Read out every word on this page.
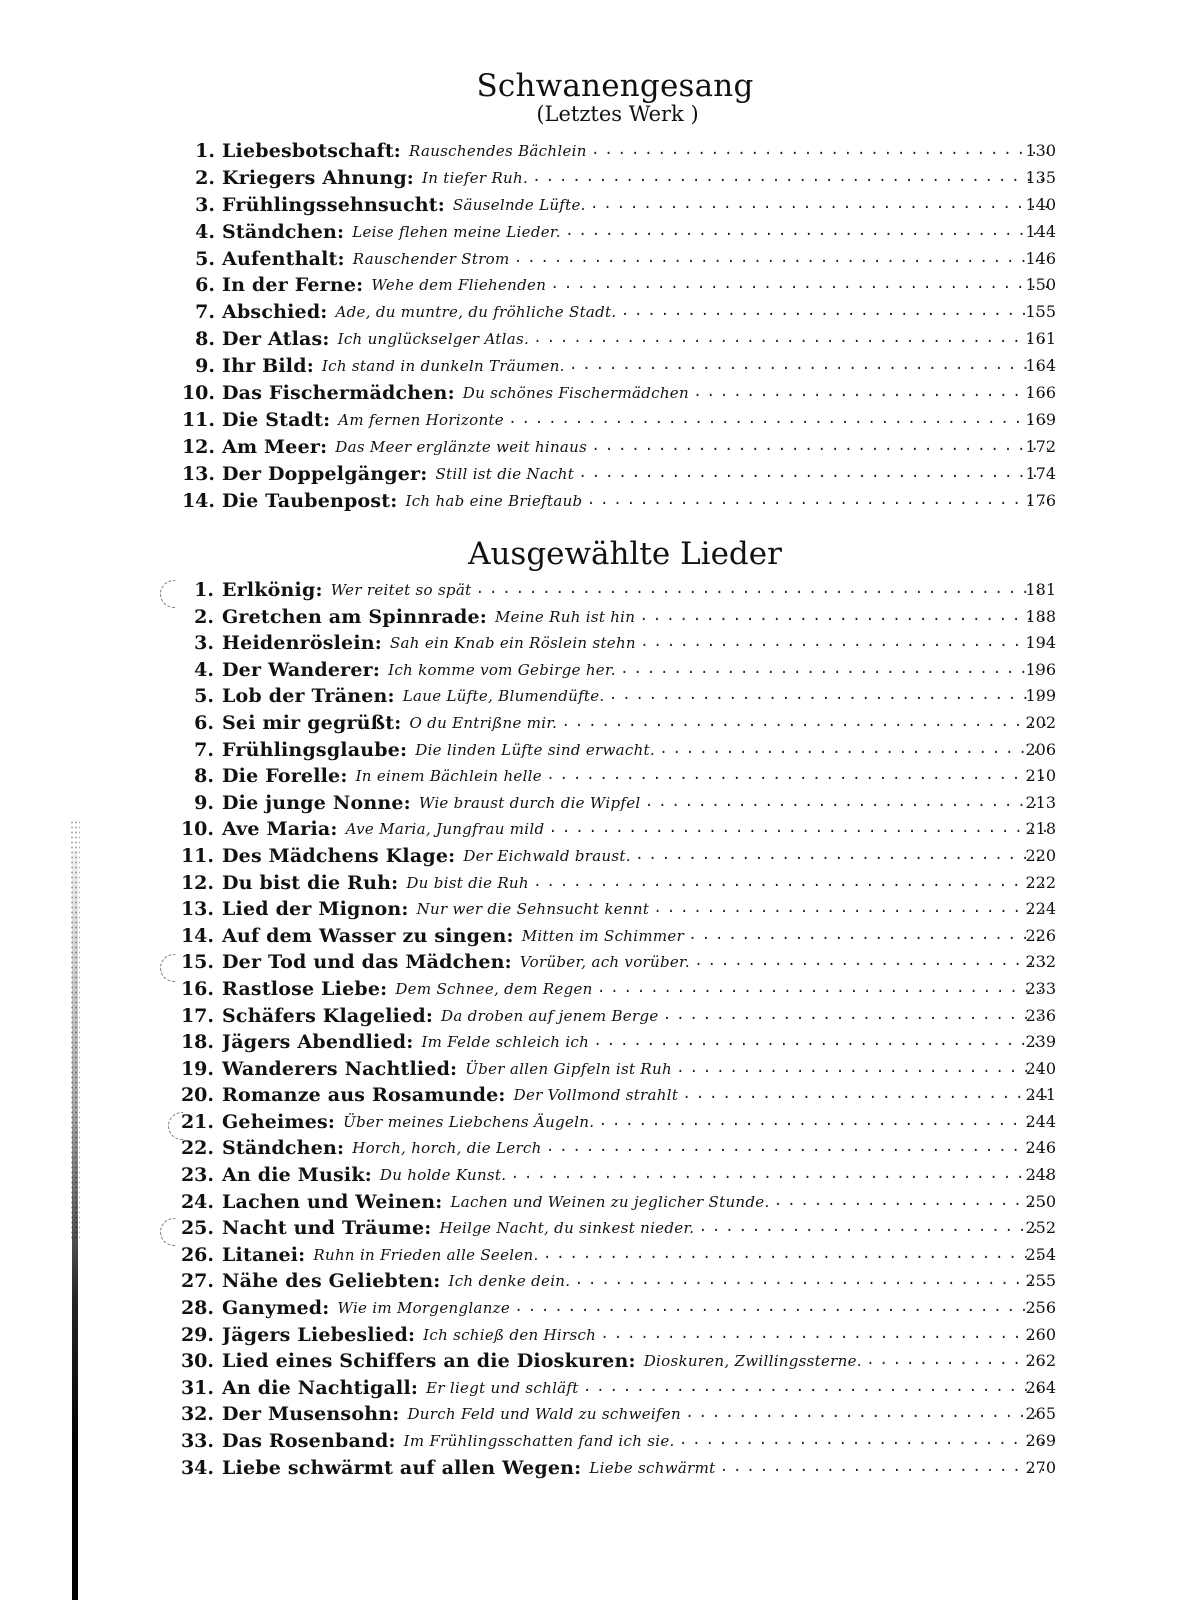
Schwanengesang
(Letztes Werk )
1. Liebesbotschaft: Rauschendes Bächlein .....	130
2. Kriegers Ahnung: In tiefer Ruh. .....	135
3. Frühlingssehnsucht: Säuselnde Lüfte. .....	140
4. Ständchen: Leise flehen meine Lieder. .....	144
5. Aufenthalt: Rauschender Strom .....	146
6. In der Ferne: Wehe dem Fliehenden .....	150
7. Abschied: Ade, du muntre, du fröhliche Stadt. .....	155
8. Der Atlas: Ich unglückselger Atlas. .....	161
9. Ihr Bild: Ich stand in dunkeln Träumen. .....	164
10. Das Fischermädchen: Du schönes Fischermädchen .....	166
11. Die Stadt: Am fernen Horizonte .....	169
12. Am Meer: Das Meer erglänzte weit hinaus .....	172
13. Der Doppelgänger: Still ist die Nacht .....	174
14. Die Taubenpost: Ich hab eine Brieftaub .....	176
Ausgewählte Lieder
1. Erlkönig: Wer reitet so spät .....	181
2. Gretchen am Spinnrade: Meine Ruh ist hin .....	188
3. Heidenröslein: Sah ein Knab ein Röslein stehn .....	194
4. Der Wanderer: Ich komme vom Gebirge her. .....	196
5. Lob der Tränen: Laue Lüfte, Blumendüfte. .....	199
6. Sei mir gegrüßt: O du Entrißne mir. .....	202
7. Frühlingsglaube: Die linden Lüfte sind erwacht. .....	206
8. Die Forelle: In einem Bächlein helle .....	210
9. Die junge Nonne: Wie braust durch die Wipfel .....	213
10. Ave Maria: Ave Maria, Jungfrau mild .....	218
11. Des Mädchens Klage: Der Eichwald braust. .....	220
12. Du bist die Ruh: Du bist die Ruh .....	222
13. Lied der Mignon: Nur wer die Sehnsucht kennt .....	224
14. Auf dem Wasser zu singen: Mitten im Schimmer .....	226
15. Der Tod und das Mädchen: Vorüber, ach vorüber. .....	232
16. Rastlose Liebe: Dem Schnee, dem Regen .....	233
17. Schäfers Klagelied: Da droben auf jenem Berge .....	236
18. Jägers Abendlied: Im Felde schleich ich .....	239
19. Wanderers Nachtlied: Über allen Gipfeln ist Ruh .....	240
20. Romanze aus Rosamunde: Der Vollmond strahlt .....	241
21. Geheimes: Über meines Liebchens Äugeln. .....	244
22. Ständchen: Horch, horch, die Lerch .....	246
23. An die Musik: Du holde Kunst. .....	248
24. Lachen und Weinen: Lachen und Weinen zu jeglicher Stunde. .....	250
25. Nacht und Träume: Heilge Nacht, du sinkest nieder. .....	252
26. Litanei: Ruhn in Frieden alle Seelen. .....	254
27. Nähe des Geliebten: Ich denke dein. .....	255
28. Ganymed: Wie im Morgenglanze .....	256
29. Jägers Liebeslied: Ich schieß den Hirsch .....	260
30. Lied eines Schiffers an die Dioskuren: Dioskuren, Zwillingssterne. .....	262
31. An die Nachtigall: Er liegt und schläft .....	264
32. Der Musensohn: Durch Feld und Wald zu schweifen .....	265
33. Das Rosenband: Im Frühlingsschatten fand ich sie. .....	269
34. Liebe schwärmt auf allen Wegen: Liebe schwärmt .....	270
